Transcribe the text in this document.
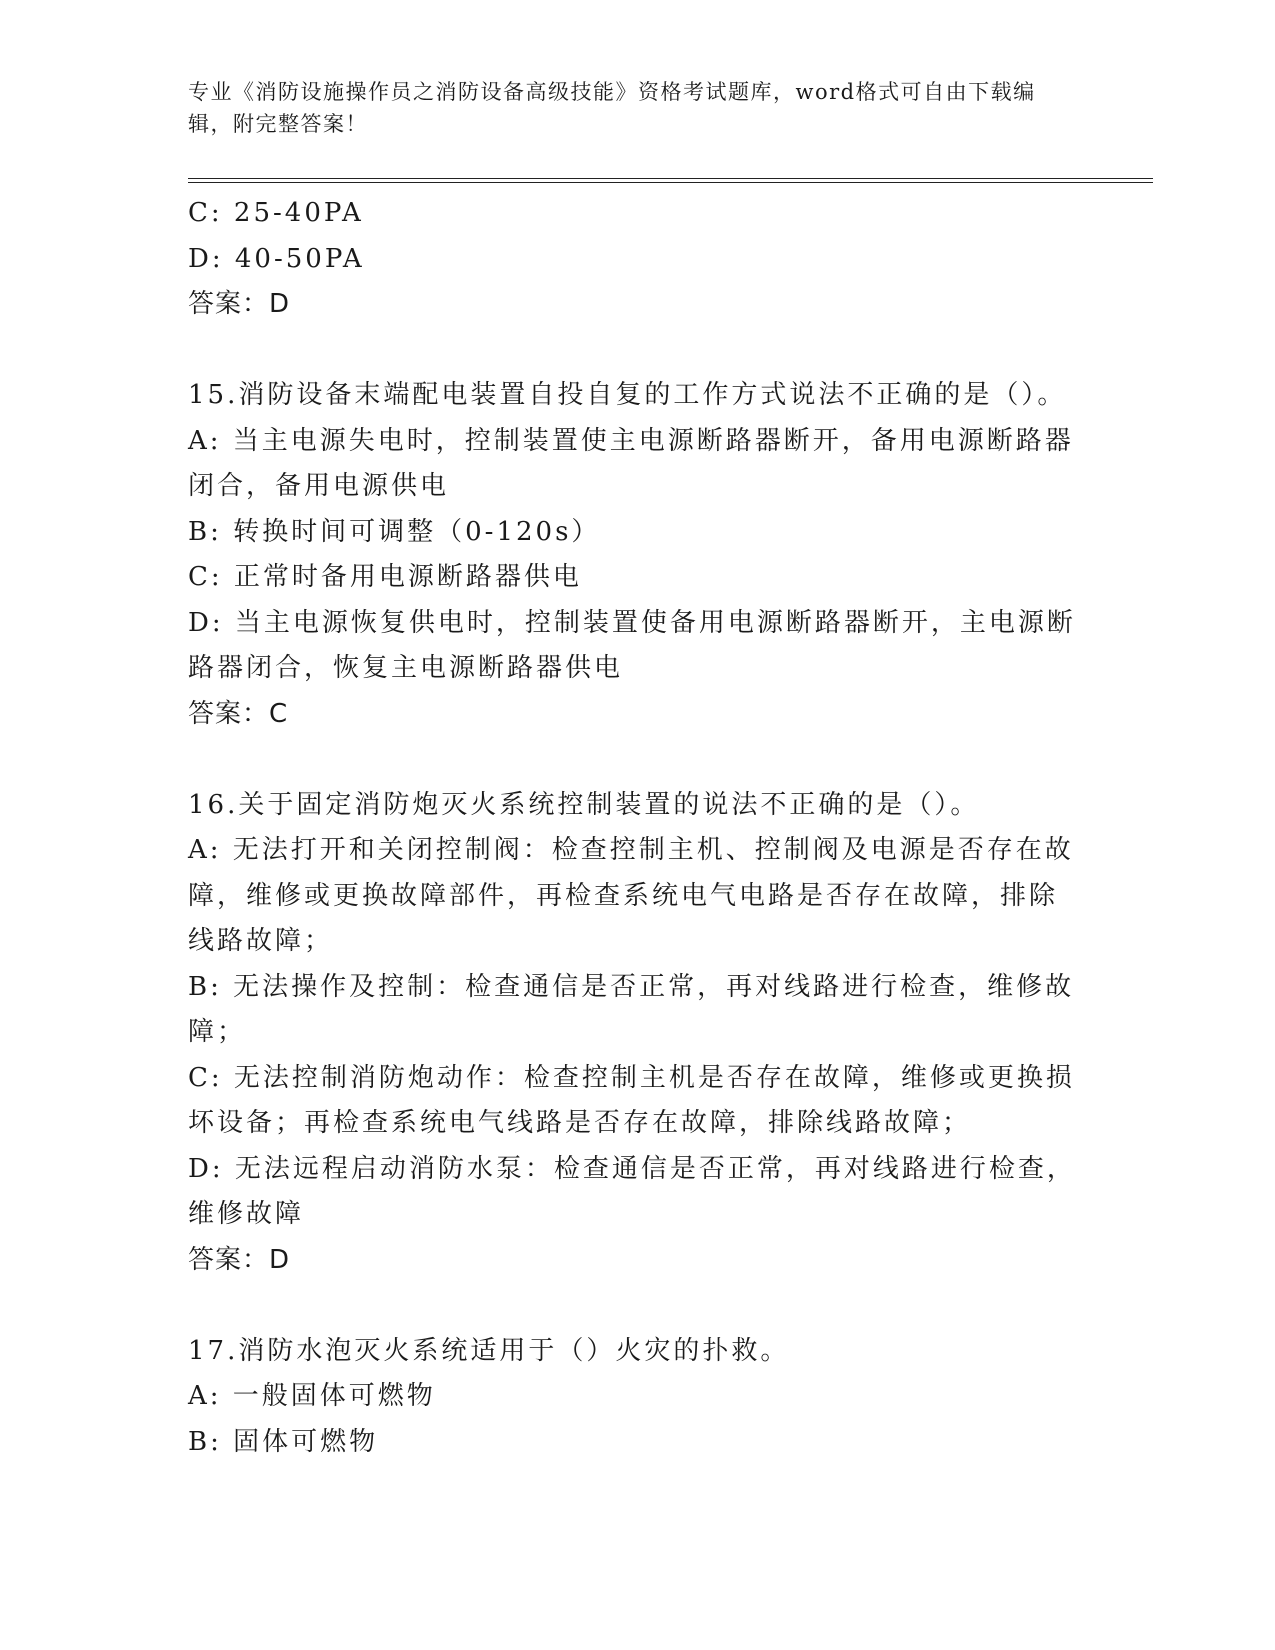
专业《消防设施操作员之消防设备高级技能》资格考试题库，word格式可自由下载编辑，附完整答案！

C: 25-40PA

D: 40-50PA

答案：D

15.消防设备末端配电装置自投自复的工作方式说法不正确的是（）。

A: 当主电源失电时，控制装置使主电源断路器断开，备用电源断路器闭合，备用电源供电

B: 转换时间可调整（0-120s）

C: 正常时备用电源断路器供电

D: 当主电源恢复供电时，控制装置使备用电源断路器断开，主电源断路器闭合，恢复主电源断路器供电

答案：C

16.关于固定消防炮灭火系统控制装置的说法不正确的是（）。

A: 无法打开和关闭控制阀：检查控制主机、控制阀及电源是否存在故障，维修或更换故障部件，再检查系统电气电路是否存在故障，排除线路故障；

B: 无法操作及控制：检查通信是否正常，再对线路进行检查，维修故障；

C: 无法控制消防炮动作：检查控制主机是否存在故障，维修或更换损坏设备；再检查系统电气线路是否存在故障，排除线路故障；

D: 无法远程启动消防水泵：检查通信是否正常，再对线路进行检查，维修故障

答案：D

17.消防水泡灭火系统适用于（）火灾的扑救。

A: 一般固体可燃物

B: 固体可燃物
